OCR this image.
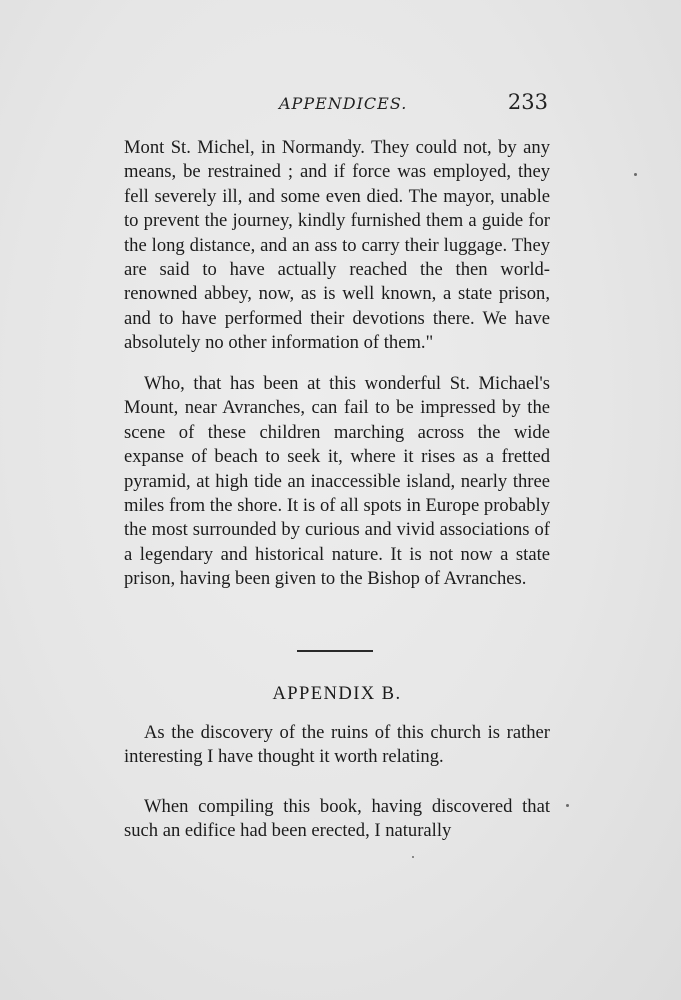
APPENDICES.	233

Mont St. Michel, in Normandy. They could not, by any means, be restrained ; and if force was employed, they fell severely ill, and some even died. The mayor, unable to prevent the journey, kindly furnished them a guide for the long distance, and an ass to carry their luggage. They are said to have actually reached the then world-renowned abbey, now, as is well known, a state prison, and to have performed their devotions there. We have absolutely no other information of them."

Who, that has been at this wonderful St. Michael's Mount, near Avranches, can fail to be impressed by the scene of these children marching across the wide expanse of beach to seek it, where it rises as a fretted pyramid, at high tide an inaccessible island, nearly three miles from the shore. It is of all spots in Europe probably the most surrounded by curious and vivid associations of a legendary and historical nature. It is not now a state prison, having been given to the Bishop of Avranches.

APPENDIX B.

As the discovery of the ruins of this church is rather interesting I have thought it worth relating.

When compiling this book, having discovered that such an edifice had been erected, I naturally
